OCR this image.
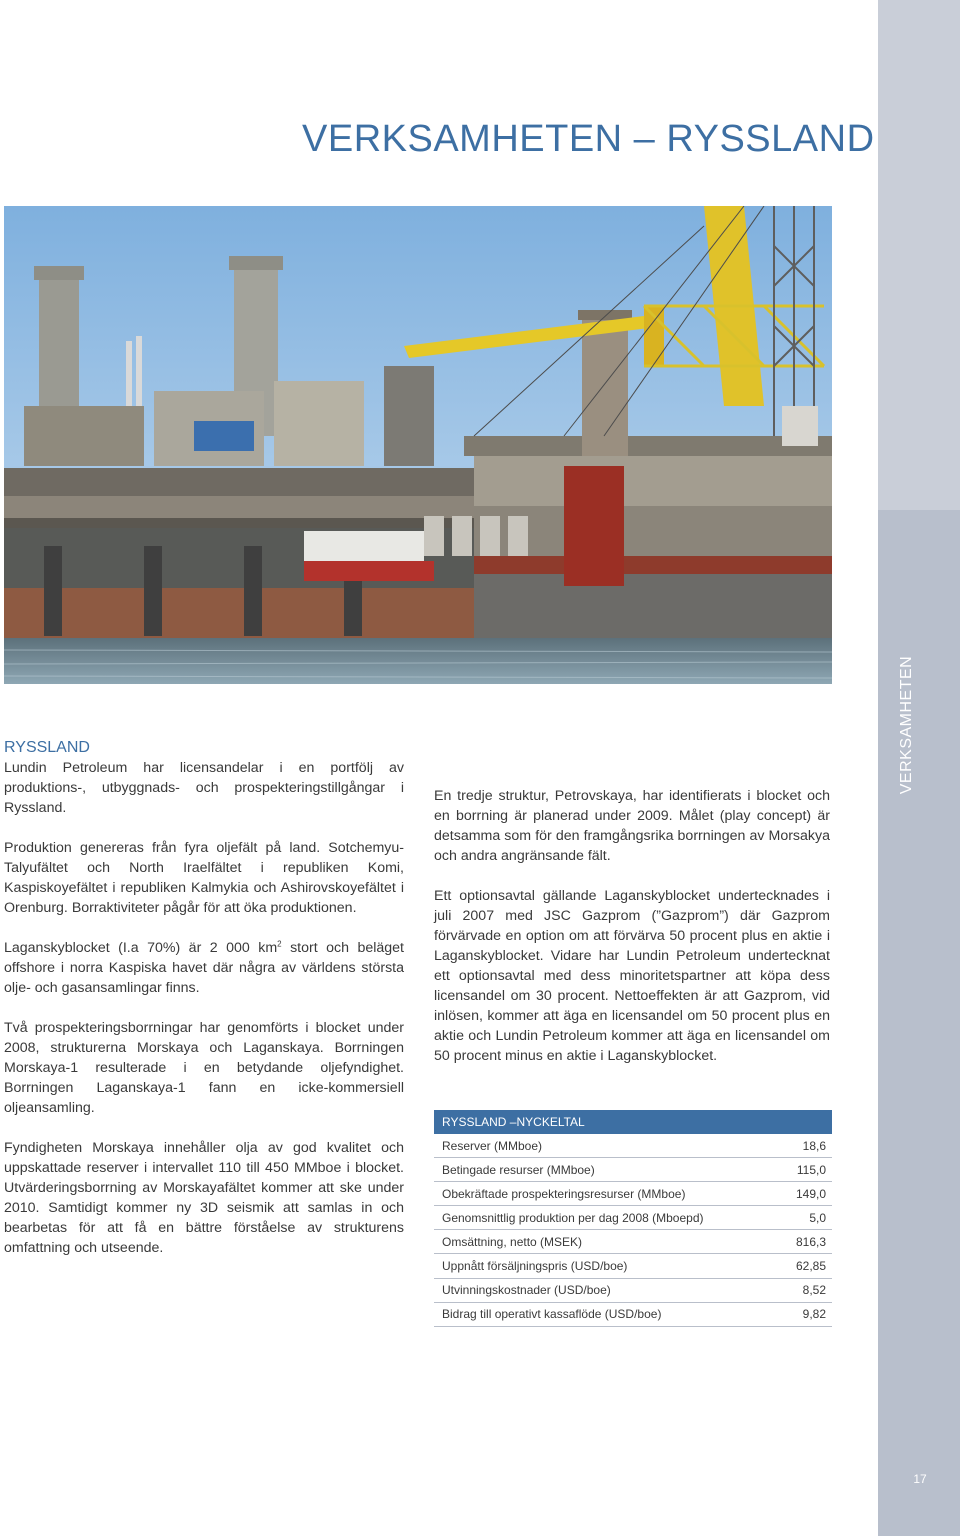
VERKSAMHETEN
17
VERKSAMHETEN – RYSSLAND
RYSSLAND

Lundin Petroleum har licensandelar i en portfölj av produktions-, utbyggnads- och prospekteringstillgångar i Ryssland.

Produktion genereras från fyra oljefält på land. Sotchemyu-Talyufältet och North Iraelfältet i republiken Komi, Kaspiskoyefältet i republiken Kalmykia och Ashirovskoyefältet i Orenburg. Borraktiviteter pågår för att öka produktionen.

Laganskyblocket (I.a 70%) är 2 000 $km^2$ stort och beläget offshore i norra Kaspiska havet där några av världens största olje- och gasansamlingar finns.

Två prospekteringsborrningar har genomförts i blocket under 2008, strukturerna Morskaya och Laganskaya. Borrningen Morskaya-1 resulterade i en betydande oljefyndighet. Borrningen Laganskaya-1 fann en icke-kommersiell oljeansamling.

Fyndigheten Morskaya innehåller olja av god kvalitet och uppskattade reserver i intervallet 110 till 450 MMboe i blocket. Utvärderingsborrning av Morskayafältet kommer att ske under 2010. Samtidigt kommer ny 3D seismik att samlas in och bearbetas för att få en bättre förståelse av strukturens omfattning och utseende.

En tredje struktur, Petrovskaya, har identifierats i blocket och en borrning är planerad under 2009. Målet (play concept) är detsamma som för den framgångsrika borrningen av Morsakya och andra angränsande fält.

Ett optionsavtal gällande Laganskyblocket undertecknades i juli 2007 med JSC Gazprom (”Gazprom”) där Gazprom förvärvade en option om att förvärva 50 procent plus en aktie i Laganskyblocket. Vidare har Lundin Petroleum undertecknat ett optionsavtal med dess minoritetspartner att köpa dess licensandel om 30 procent. Nettoeffekten är att Gazprom, vid inlösen, kommer att äga en licensandel om 50 procent plus en aktie och Lundin Petroleum kommer att äga en licensandel om 50 procent minus en aktie i Laganskyblocket.

RYSSLAND –NYCKELTAL
Reserver (MMboe)	18,6
Betingade resurser (MMboe)	115,0
Obekräftade prospekteringsresurser (MMboe)	149,0
Genomsnittlig produktion per dag 2008 (Mboepd)	5,0
Omsättning, netto (MSEK)	816,3
Uppnått försäljningspris (USD/boe)	62,85
Utvinningskostnader (USD/boe)	8,52
Bidrag till operativt kassaflöde (USD/boe)	9,82
